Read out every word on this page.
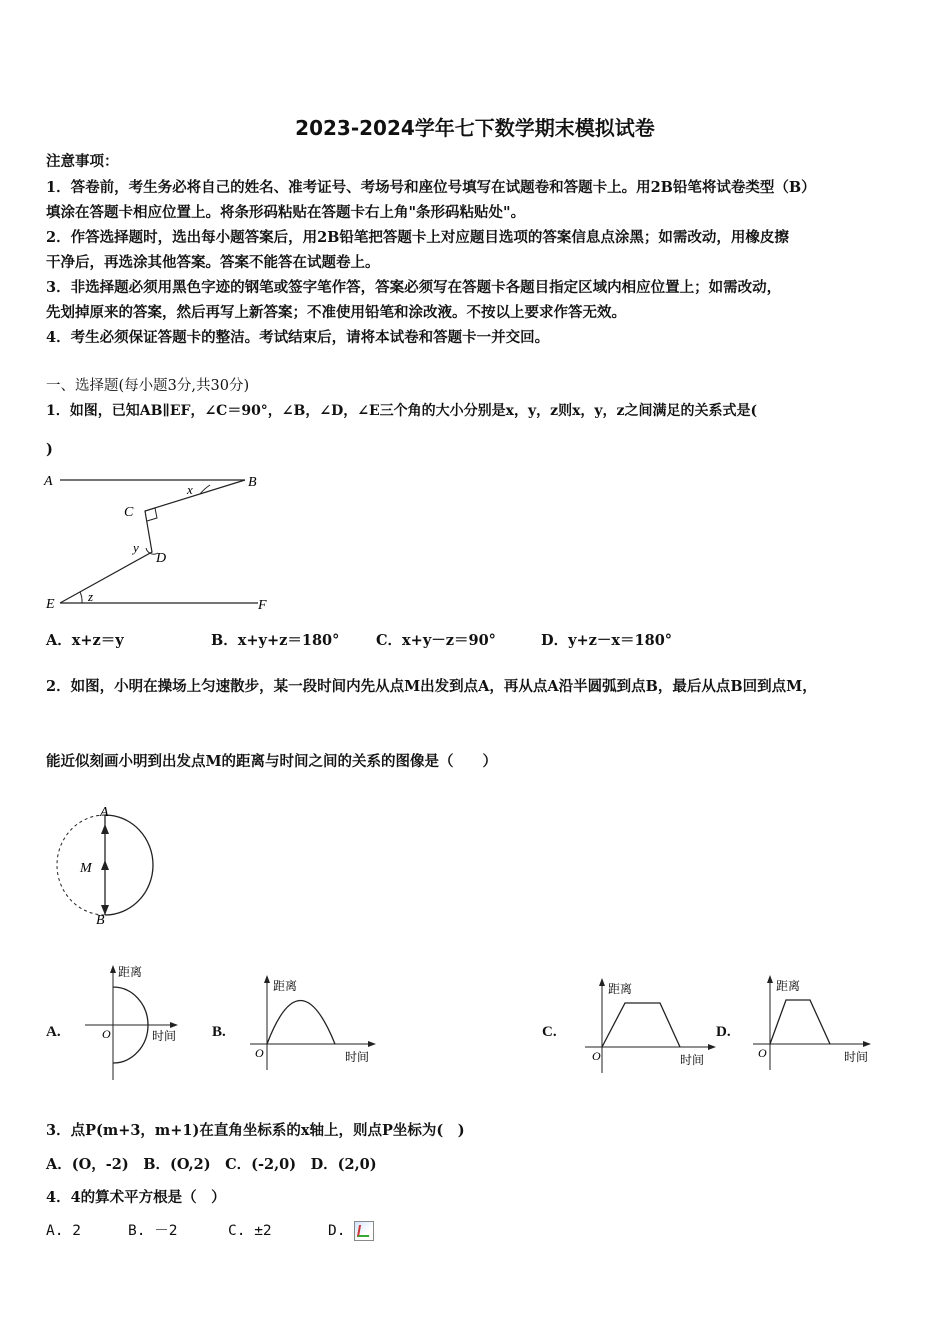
2023-2024学年七下数学期末模拟试卷
注意事项：
1．答卷前，考生务必将自己的姓名、准考证号、考场号和座位号填写在试题卷和答题卡上。用2B铅笔将试卷类型（B）
填涂在答题卡相应位置上。将条形码粘贴在答题卡右上角"条形码粘贴处"。
2．作答选择题时，选出每小题答案后，用2B铅笔把答题卡上对应题目选项的答案信息点涂黑；如需改动，用橡皮擦
干净后，再选涂其他答案。答案不能答在试题卷上。
3．非选择题必须用黑色字迹的钢笔或签字笔作答，答案必须写在答题卡各题目指定区域内相应位置上；如需改动，
先划掉原来的答案，然后再写上新答案；不准使用铅笔和涂改液。不按以上要求作答无效。
4．考生必须保证答题卡的整洁。考试结束后，请将本试卷和答题卡一并交回。
一、选择题(每小题3分,共30分)
1．如图，已知AB∥EF，∠C＝90°，∠B，∠D，∠E三个角的大小分别是x，y，z则x，y，z之间满足的关系式是(
)
A	B
C
D
E	F
x
y
z
A．x+z＝y	B．x+y+z＝180°	C．x+y－z＝90°	D．y+z－x＝180°
2．如图，小明在操场上匀速散步，某一段时间内先从点M出发到点A，再从点A沿半圆弧到点B，最后从点B回到点M，
能近似刻画小明到出发点M的距离与时间之间的关系的图像是（　　）
A
M
B
A.
距离
时间
O	B.
距离
时间
O
C.
距离
时间
O
D.
距离
时间
O
3．点P(m+3，m+1)在直角坐标系的x轴上，则点P坐标为(　)
A．(O，-2)　B．(O,2)　C．(-2,0)　D．(2,0)
4．4的算术平方根是（　）
A. 2	B. －2	C. ±2	D.
